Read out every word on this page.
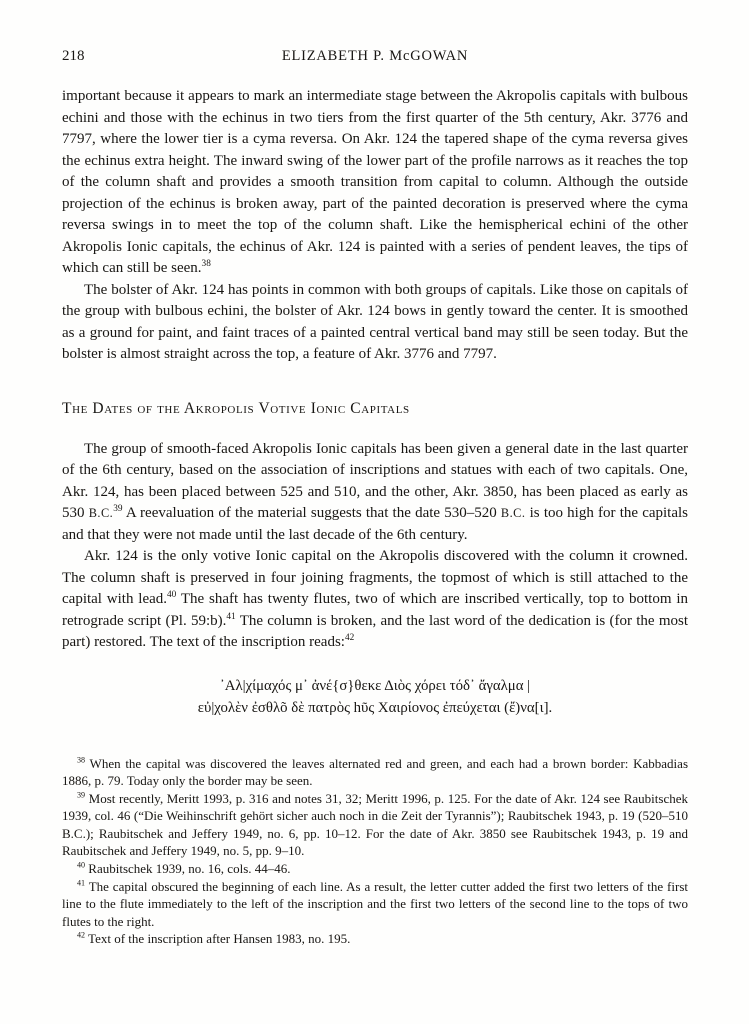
218	ELIZABETH P. McGOWAN

important because it appears to mark an intermediate stage between the Akropolis capitals with bulbous echini and those with the echinus in two tiers from the first quarter of the 5th century, Akr. 3776 and 7797, where the lower tier is a cyma reversa. On Akr. 124 the tapered shape of the cyma reversa gives the echinus extra height. The inward swing of the lower part of the profile narrows as it reaches the top of the column shaft and provides a smooth transition from capital to column. Although the outside projection of the echinus is broken away, part of the painted decoration is preserved where the cyma reversa swings in to meet the top of the column shaft. Like the hemispherical echini of the other Akropolis Ionic capitals, the echinus of Akr. 124 is painted with a series of pendent leaves, the tips of which can still be seen.$^{38}$

The bolster of Akr. 124 has points in common with both groups of capitals. Like those on capitals of the group with bulbous echini, the bolster of Akr. 124 bows in gently toward the center. It is smoothed as a ground for paint, and faint traces of a painted central vertical band may still be seen today. But the bolster is almost straight across the top, a feature of Akr. 3776 and 7797.

The Dates of the Akropolis Votive Ionic Capitals

The group of smooth-faced Akropolis Ionic capitals has been given a general date in the last quarter of the 6th century, based on the association of inscriptions and statues with each of two capitals. One, Akr. 124, has been placed between 525 and 510, and the other, Akr. 3850, has been placed as early as 530 B.C.$^{39}$ A reevaluation of the material suggests that the date 530–520 B.C. is too high for the capitals and that they were not made until the last decade of the 6th century.

Akr. 124 is the only votive Ionic capital on the Akropolis discovered with the column it crowned. The column shaft is preserved in four joining fragments, the topmost of which is still attached to the capital with lead.$^{40}$ The shaft has twenty flutes, two of which are inscribed vertically, top to bottom in retrograde script (Pl. 59:b).$^{41}$ The column is broken, and the last word of the dedication is (for the most part) restored. The text of the inscription reads:$^{42}$

᾿Αλ|χίμαχός μ᾽ ἀνέ{σ}θεκε Διὸς χόρει τόδ᾽ ἄγαλμα |
εὐ|χολὲν ἐσθλõ δὲ πατρὸς hῦς Χαιρίονος ἐπεύχεται (ἔ)να[ι].

$^{38}$ When the capital was discovered the leaves alternated red and green, and each had a brown border: Kabbadias 1886, p. 79. Today only the border may be seen.

$^{39}$ Most recently, Meritt 1993, p. 316 and notes 31, 32; Meritt 1996, p. 125. For the date of Akr. 124 see Raubitschek 1939, col. 46 (“Die Weihinschrift gehört sicher auch noch in die Zeit der Tyrannis”); Raubitschek 1943, p. 19 (520–510 B.C.); Raubitschek and Jeffery 1949, no. 6, pp. 10–12. For the date of Akr. 3850 see Raubitschek 1943, p. 19 and Raubitschek and Jeffery 1949, no. 5, pp. 9–10.

$^{40}$ Raubitschek 1939, no. 16, cols. 44–46.

$^{41}$ The capital obscured the beginning of each line. As a result, the letter cutter added the first two letters of the first line to the flute immediately to the left of the inscription and the first two letters of the second line to the tops of two flutes to the right.

$^{42}$ Text of the inscription after Hansen 1983, no. 195.
